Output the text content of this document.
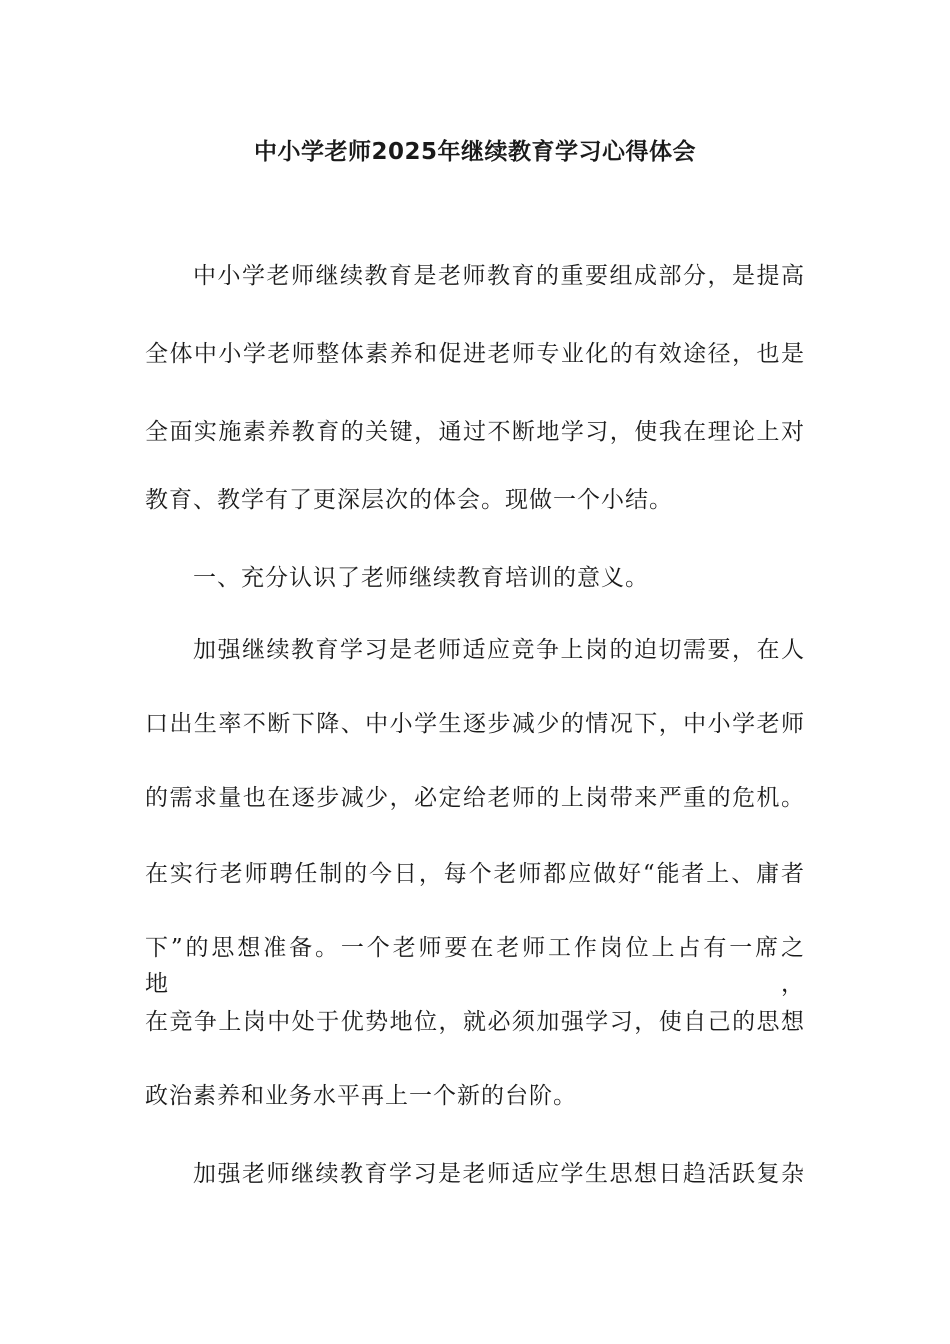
中小学老师2025年继续教育学习心得体会
中小学老师继续教育是老师教育的重要组成部分，是提高
全体中小学老师整体素养和促进老师专业化的有效途径，也是
全面实施素养教育的关键，通过不断地学习，使我在理论上对
教育、教学有了更深层次的体会。现做一个小结。
一、充分认识了老师继续教育培训的意义。
加强继续教育学习是老师适应竞争上岗的迫切需要，在人
口出生率不断下降、中小学生逐步减少的情况下，中小学老师
的需求量也在逐步减少，必定给老师的上岗带来严重的危机。
在实行老师聘任制的今日，每个老师都应做好“能者上、庸者
下”的思想准备。一个老师要在老师工作岗位上占有一席之地，
在竞争上岗中处于优势地位，就必须加强学习，使自己的思想
政治素养和业务水平再上一个新的台阶。
加强老师继续教育学习是老师适应学生思想日趋活跃复杂
